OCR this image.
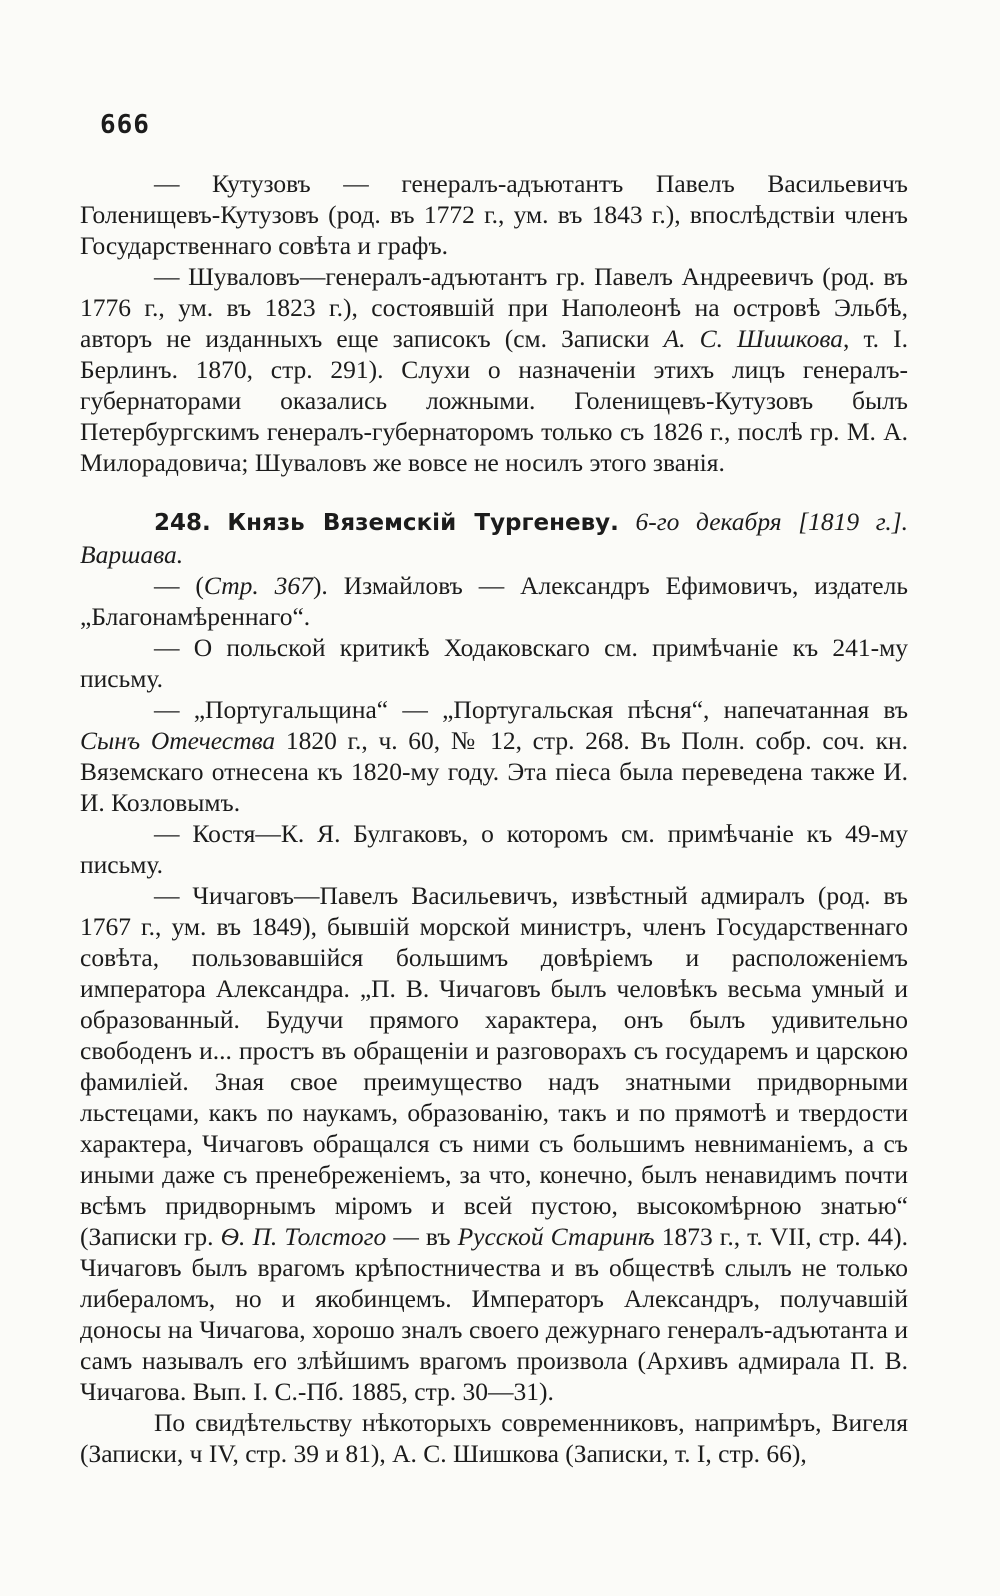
666

— Кутузовъ — генералъ-адъютантъ Павелъ Васильевичъ Голенищевъ-Кутузовъ (род. въ 1772 г., ум. въ 1843 г.), впослѣдствіи членъ Государственнаго совѣта и графъ.

— Шуваловъ—генералъ-адъютантъ гр. Павелъ Андреевичъ (род. въ 1776 г., ум. въ 1823 г.), состоявшій при Наполеонѣ на островѣ Эльбѣ, авторъ не изданныхъ еще записокъ (см. Записки А. С. Шишкова, т. I. Берлинъ. 1870, стр. 291). Слухи о назначеніи этихъ лицъ генералъ-губернаторами оказались ложными. Голенищевъ-Кутузовъ былъ Петербургскимъ генералъ-губернаторомъ только съ 1826 г., послѣ гр. М. А. Милорадовича; Шуваловъ же вовсе не носилъ этого званія.

248. Князь Вяземскій Тургеневу. 6-го декабря [1819 г.]. Варшава.

— (Стр. 367). Измайловъ — Александръ Ефимовичъ, издатель „Благонамѣреннаго“.

— О польской критикѣ Ходаковскаго см. примѣчаніе къ 241-му письму.

— „Португальщина“ — „Португальская пѣсня“, напечатанная въ Сынъ Отечества 1820 г., ч. 60, № 12, стр. 268. Въ Полн. собр. соч. кн. Вяземскаго отнесена къ 1820-му году. Эта піеса была переведена также И. И. Козловымъ.

— Костя—К. Я. Булгаковъ, о которомъ см. примѣчаніе къ 49-му письму.

— Чичаговъ—Павелъ Васильевичъ, извѣстный адмиралъ (род. въ 1767 г., ум. въ 1849), бывшій морской министръ, членъ Государственнаго совѣта, пользовавшійся большимъ довѣріемъ и расположеніемъ императора Александра. „П. В. Чичаговъ былъ человѣкъ весьма умный и образованный. Будучи прямого характера, онъ былъ удивительно свободенъ и... простъ въ обращеніи и разговорахъ съ государемъ и царскою фамиліей. Зная свое преимущество надъ знатными придворными льстецами, какъ по наукамъ, образованію, такъ и по прямотѣ и твердости характера, Чичаговъ обращался съ ними съ большимъ невниманіемъ, а съ иными даже съ пренебреженіемъ, за что, конечно, былъ ненавидимъ почти всѣмъ придворнымъ міромъ и всей пустою, высокомѣрною знатью“ (Записки гр. Ѳ. П. Толстого — въ Русской Старинѣ 1873 г., т. VII, стр. 44). Чичаговъ былъ врагомъ крѣпостничества и въ обществѣ слылъ не только либераломъ, но и якобинцемъ. Императоръ Александръ, получавшій доносы на Чичагова, хорошо зналъ своего дежурнаго генералъ-адъютанта и самъ называлъ его злѣйшимъ врагомъ произвола (Архивъ адмирала П. В. Чичагова. Вып. I. С.-Пб. 1885, стр. 30—31).

По свидѣтельству нѣкоторыхъ современниковъ, напримѣръ, Вигеля (Записки, ч IV, стр. 39 и 81), А. С. Шишкова (Записки, т. I, стр. 66),
